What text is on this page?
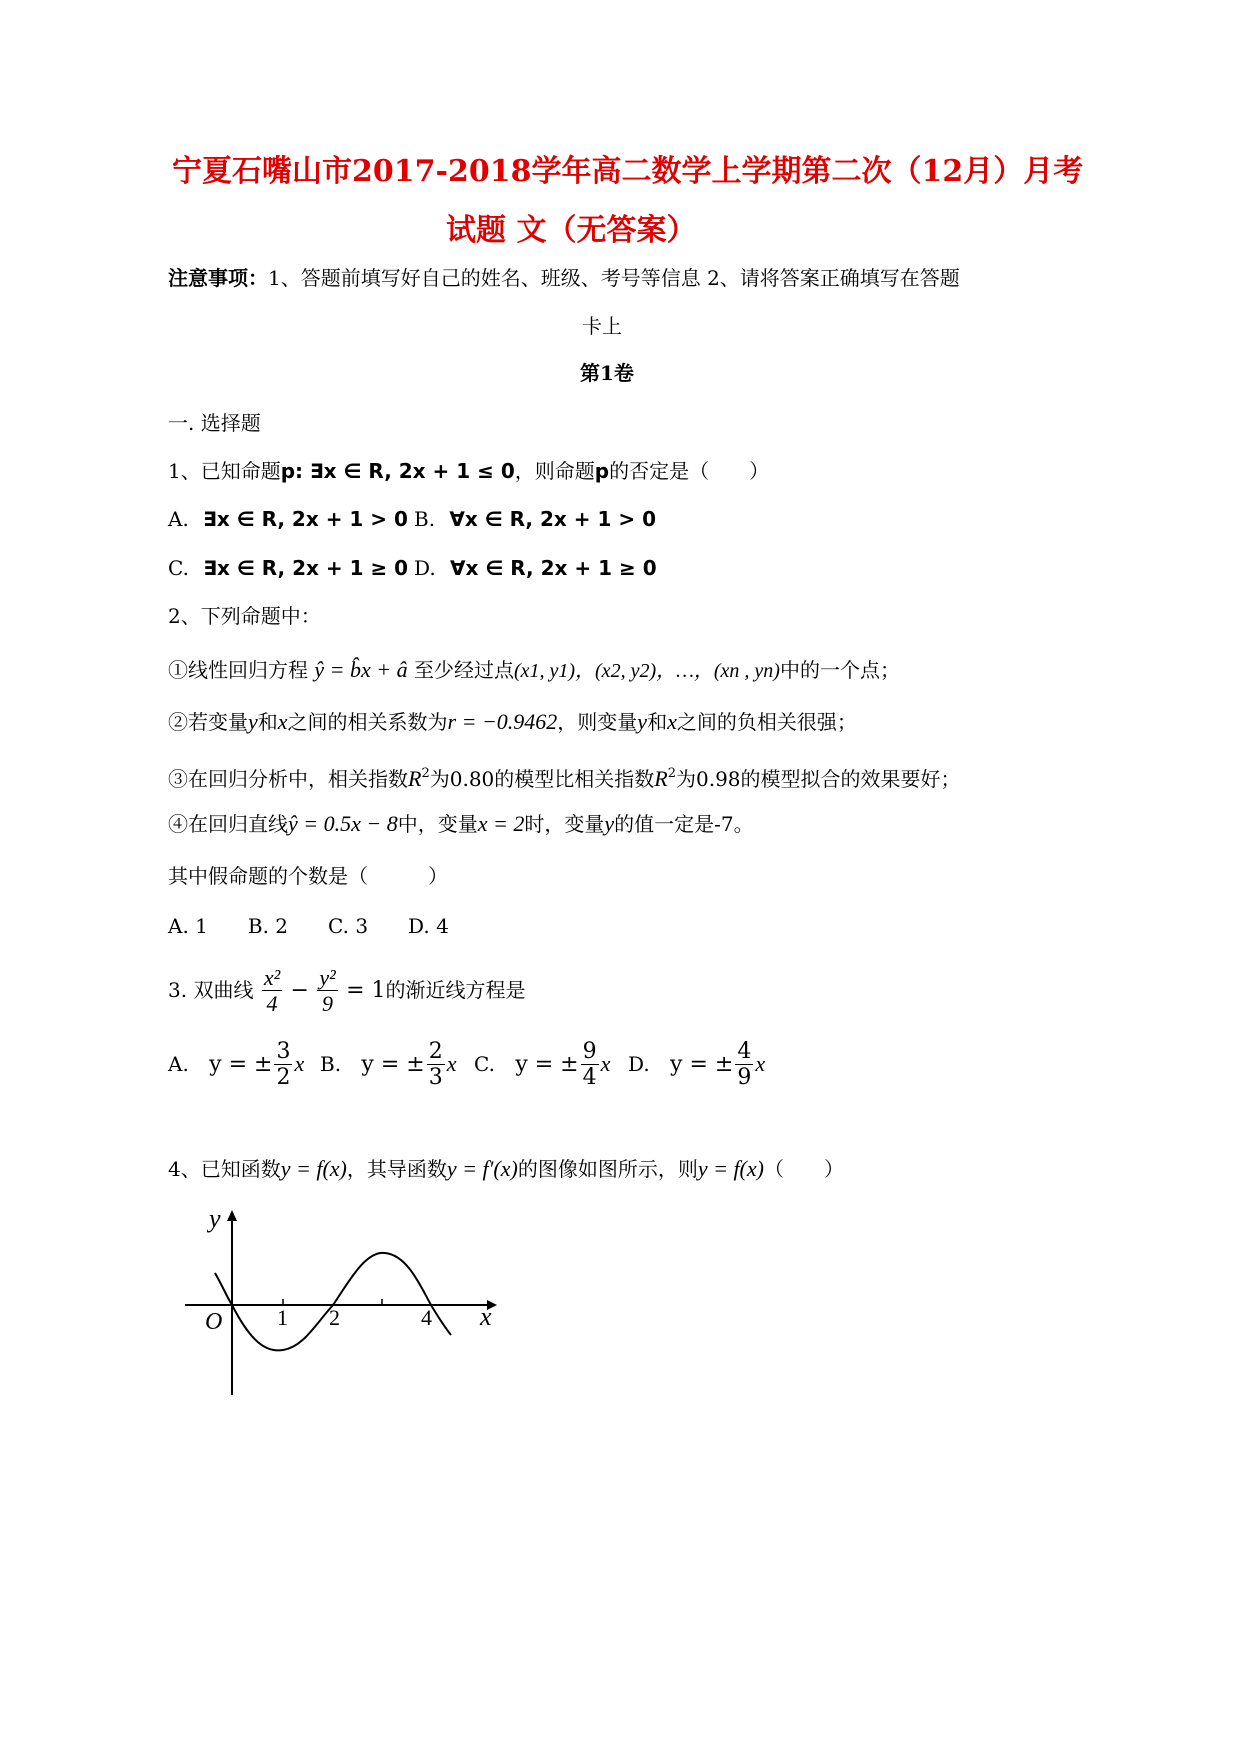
宁夏石嘴山市2017-2018学年高二数学上学期第二次（12月）月考
试题 文（无答案）
注意事项：1、答题前填写好自己的姓名、班级、考号等信息 2、请将答案正确填写在答题
卡上
第1卷
一. 选择题
1、已知命题p: ∃x ∈ R, 2x + 1 ≤ 0，则命题p的否定是（　　）
A. ∃x ∈ R, 2x + 1 > 0 B. ∀x ∈ R, 2x + 1 > 0
C. ∃x ∈ R, 2x + 1 ≥ 0 D. ∀x ∈ R, 2x + 1 ≥ 0
2、下列命题中：
①线性回归方程 ŷ = b̂x + â 至少经过点(x1, y1)，(x2, y2)，…，(xn , yn)中的一个点；
②若变量y和x之间的相关系数为r = −0.9462，则变量y和x之间的负相关很强；
③在回归分析中，相关指数$R^2$为0.80的模型比相关指数$R^2$为0.98的模型拟合的效果要好；
④在回归直线ŷ = 0.5x − 8中，变量x = 2时，变量y的值一定是-7。
其中假命题的个数是（　　　）
A. 1　　B. 2　　C. 3　　D. 4
3. 双曲线 $\frac{\text{x²}}{4} - \frac{\text{y²}}{9} = 1$的渐近线方程是
A. y = ± $\frac{3}{2}$ x B. y = ± $\frac{2}{3}$ x C. y = ± $\frac{9}{4}$ x D. y = ± $\frac{4}{9}$ x
4、已知函数y = f(x)，其导函数y = f′(x)的图像如图所示，则y = f(x)（　　）
y
x
O 1 2	4
